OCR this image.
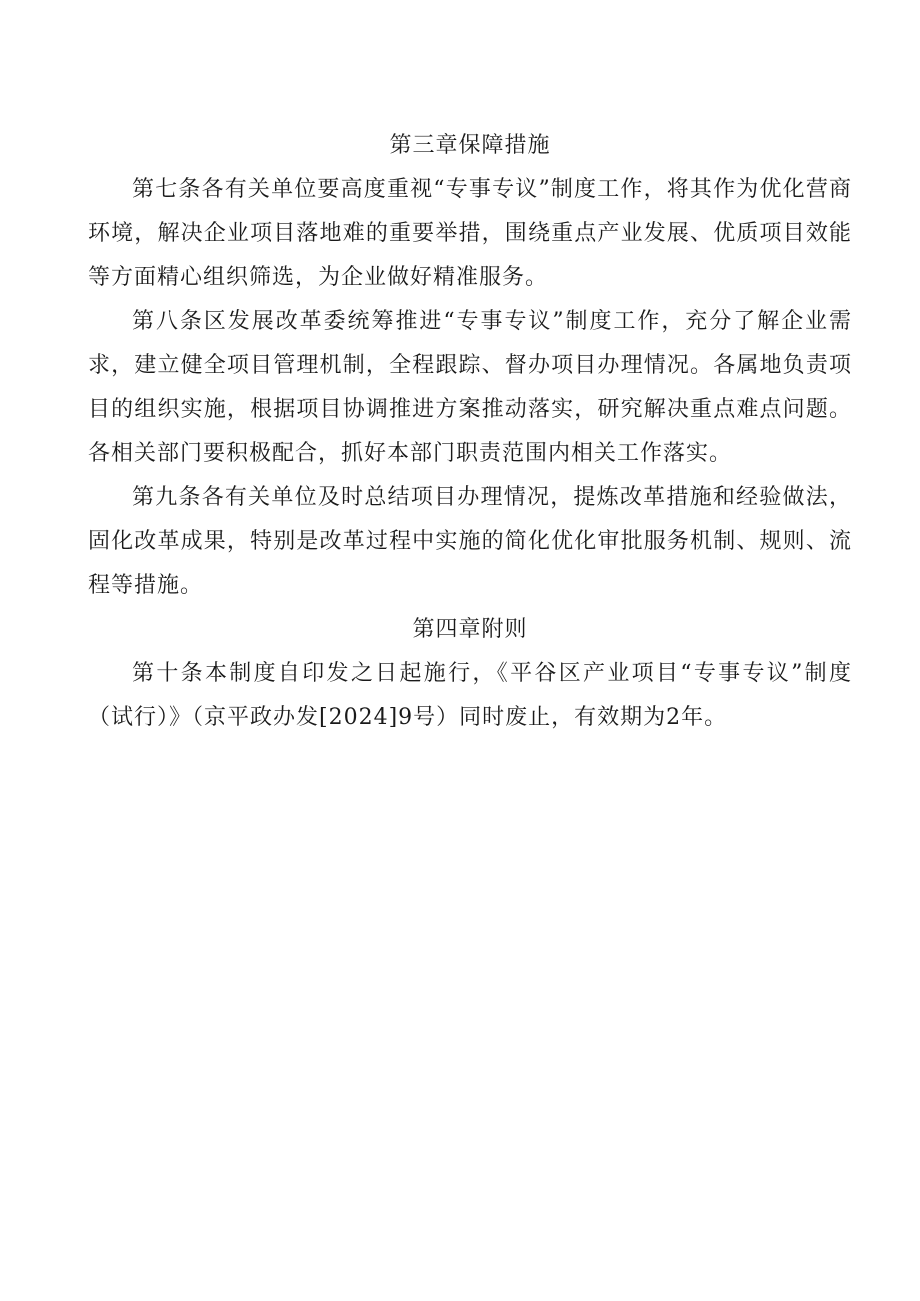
第三章保障措施

第七条各有关单位要高度重视“专事专议”制度工作，将其作为优化营商环境，解决企业项目落地难的重要举措，围绕重点产业发展、优质项目效能等方面精心组织筛选，为企业做好精准服务。

第八条区发展改革委统筹推进“专事专议”制度工作，充分了解企业需求，建立健全项目管理机制，全程跟踪、督办项目办理情况。各属地负责项目的组织实施，根据项目协调推进方案推动落实，研究解决重点难点问题。各相关部门要积极配合，抓好本部门职责范围内相关工作落实。

第九条各有关单位及时总结项目办理情况，提炼改革措施和经验做法，固化改革成果，特别是改革过程中实施的简化优化审批服务机制、规则、流程等措施。

第四章附则

第十条本制度自印发之日起施行，《平谷区产业项目“专事专议”制度（试行）》（京平政办发[2024]9号）同时废止，有效期为2年。
